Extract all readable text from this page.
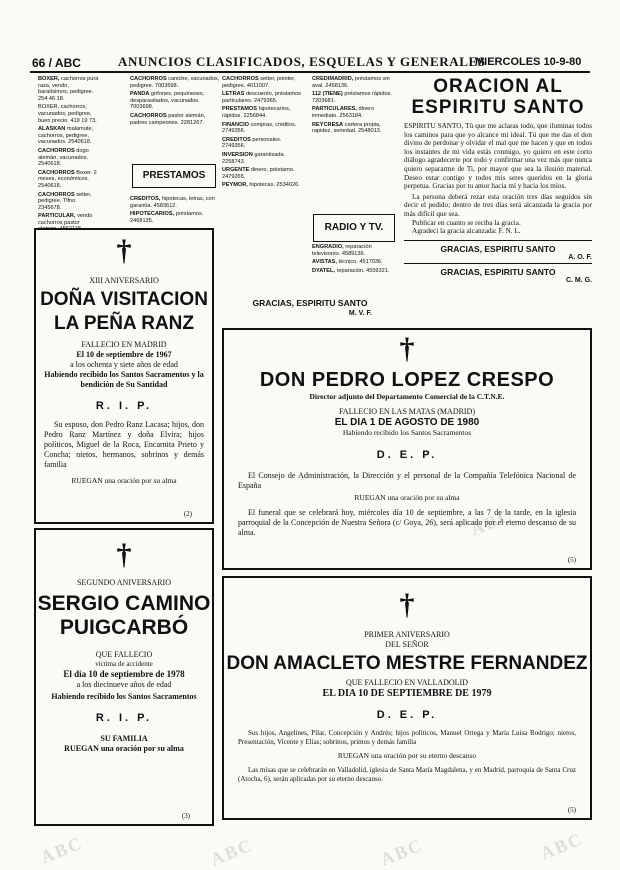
66 / ABC	ANUNCIOS CLASIFICADOS, ESQUELAS Y GENERALES
MIERCOLES 10-9-80

BOXER, cachorros pura raza, vendo, baratísimos, pedigree. 254 46 18.

BOXER, cachorros, vacunados, pedigree, buen precio. 419 19 73.

ALASKAN malamute, cachorros, pedigree, vacunados. 2540618.

CACHORROS dogo alemán, vacunados. 2540618.

CACHORROS Boxer. 2 meses, económicos. 2540618.

CACHORROS setter, pedigree. Tlfno. 2345678.

PARTICULAR, vendo cachorros pastor

CACHORROS caniche, vacunados, pedigree. 7003698.

PANDA grifones, pequineses, desparasitados, vacunados. 7003698.

CACHORROS pastor alemán, padres campeones. 2281267.

PRESTAMOS

CREDITOS, hipotecas, letras, con garantía. 4583612.

HIPOTECARIOS, préstamos. 2468135.

CACHORROS setter, pointer, pedigree. 4011007.

LETRAS descuento, préstamos particulares. 2479365.

PRESTAMOS hipotecarios, rápidos. 2256844.

FINANCIO compras, créditos. 2749356.

CREDITOS personales. 2749356.

INVERSION garantizada. 2258743.

URGENTE dinero, préstamo. 2479265.

PEYMOR, hipotecas. 2534026.

CREDIMADRID, préstamos sin aval. 2458136.

112 (TIENE) préstamos rápidos. 7203681.

PARTICULARES, dinero inmediato. 2563184.

REYCRESA cartera propia, rapidez, seriedad. 2548013.

RADIO Y TV.

ENGRADIO, reparación televisores. 4589136.

AVISTAS, técnico. 4517036.

DYATEL, reparación. 4559321.

GRACIAS, ESPIRITU SANTO
M. V. F.
ORACION AL ESPIRITU SANTO
ESPIRITU SANTO, Tú que me aclaras todo, que iluminas todos los caminos para que yo alcance mi ideal. Tú que me das el don divino de perdonar y olvidar el mal que me hacen y que en todos los instantes de mi vida estás conmigo, yo quiero en este corto diálogo agradecerte por todo y confirmar una vez más que nunca quiero separarme de Ti, por mayor que sea la ilusión material. Deseo estar contigo y todos mis seres queridos en la gloria perpetua. Gracias por tu amor hacia mí y hacia los míos.
La persona deberá rezar esta oración tres días seguidos sin decir el pedido; dentro de tres días será alcanzada la gracia por más difícil que sea.
Publicar en cuanto se reciba la gracia.
Agradeci la gracia alcanzada: F. N. L.
GRACIAS, ESPIRITU SANTO
A. O. F.
GRACIAS, ESPIRITU SANTO
C. M. G.
†
XIII ANIVERSARIO
DOÑA VISITACION LA PEÑA RANZ
FALLECIO EN MADRID
El 10 de septiembre de 1967
a los ochenta y siete años de edad
Habiendo recibido los Santos Sacramentos y la bendición de Su Santidad
R. I. P.
Su esposo, don Pedro Ranz Lacasa; hijos, don Pedro Ranz Martínez y doña Elvira; hijos políticos, Miguel de la Roca, Encarnita Prieto y Concha; nietos, hermanos, sobrinos y demás familia
RUEGAN una oración por su alma
(2)
†
SEGUNDO ANIVERSARIO
SERGIO CAMINO
PUIGCARBÓ
QUE FALLECIO
víctima de accidente
El día 10 de septiembre de 1978
a los diecinueve años de edad
Habiendo recibido los Santos Sacramentos
R. I. P.
SU FAMILIA
RUEGAN una oración por su alma
(3)
†
DON PEDRO LOPEZ CRESPO
Director adjunto del Departamento Comercial de la C.T.N.E.
FALLECIO EN LAS MATAS (MADRID)
EL DIA 1 DE AGOSTO DE 1980
Habiendo recibido los Santos Sacramentos
D. E. P.
El Consejo de Administración, la Dirección y el personal de la Compañía Telefónica Nacional de España
RUEGAN una oración por su alma
El funeral que se celebrará hoy, miércoles día 10 de septiembre, a las 7 de la tarde, en la iglesia parroquial de la Concepción de Nuestra Señora (c/ Goya, 26), será aplicado por el eterno descanso de su alma.
(5)
†
PRIMER ANIVERSARIO
DEL SEÑOR
DON AMACLETO MESTRE FERNANDEZ
QUE FALLECIO EN VALLADOLID
EL DIA 10 DE SEPTIEMBRE DE 1979
D. E. P.
Sus hijos, Angelines, Pilar, Concepción y Andrés; hijos políticos, Manuel Ortega y María Luisa Rodrigo; nietos, Presentación, Vicente y Elías; sobrinos, primos y demás familia
RUEGAN una oración por su eterno descanso
Las misas que se celebrarán en Valladolid, iglesia de Santa María Magdalena, y en Madrid, parroquia de Santa Cruz (Atocha, 6), serán aplicadas por su eterno descanso.
(5)
ABC	ABC	ABC	ABC
ABC
